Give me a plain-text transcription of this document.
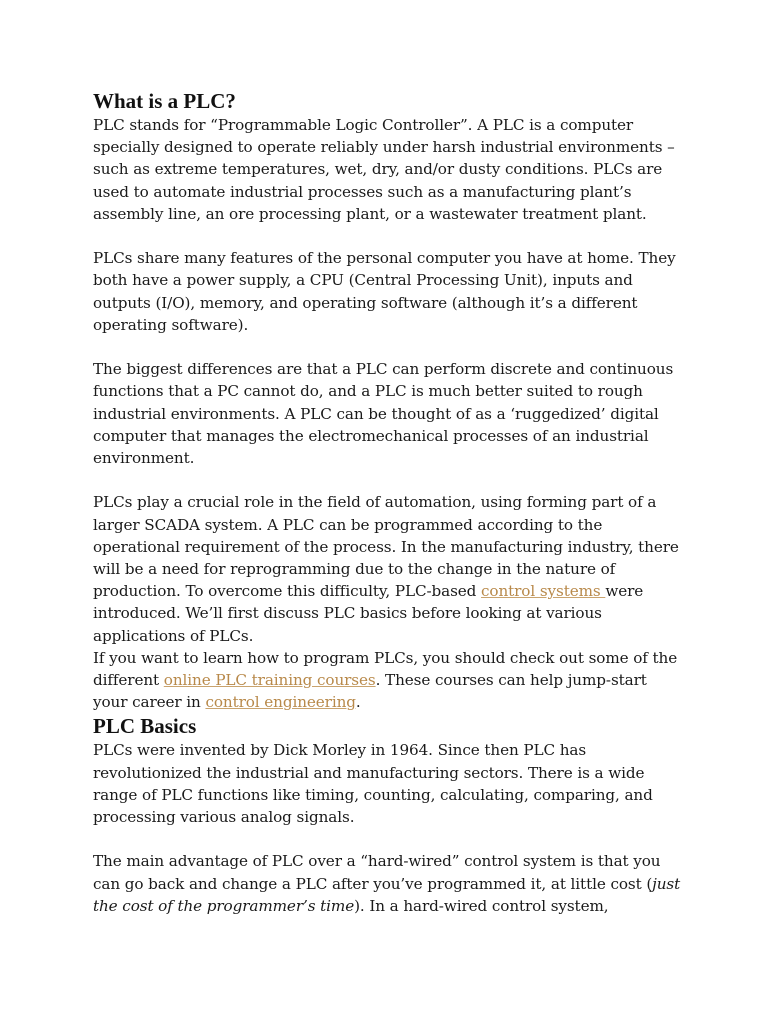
What is a PLC?

PLC stands for “Programmable Logic Controller”. A PLC is a computer specially designed to operate reliably under harsh industrial environments – such as extreme temperatures, wet, dry, and/or dusty conditions. PLCs are used to automate industrial processes such as a manufacturing plant’s assembly line, an ore processing plant, or a wastewater treatment plant.

PLCs share many features of the personal computer you have at home. They both have a power supply, a CPU (Central Processing Unit), inputs and outputs (I/O), memory, and operating software (although it’s a different operating software).

The biggest differences are that a PLC can perform discrete and continuous functions that a PC cannot do, and a PLC is much better suited to rough industrial environments. A PLC can be thought of as a ‘ruggedized’ digital computer that manages the electromechanical processes of an industrial environment.

PLCs play a crucial role in the field of automation, using forming part of a larger SCADA system. A PLC can be programmed according to the operational requirement of the process. In the manufacturing industry, there will be a need for reprogramming due to the change in the nature of production. To overcome this difficulty, PLC-based control systems were introduced. We’ll first discuss PLC basics before looking at various applications of PLCs.

If you want to learn how to program PLCs, you should check out some of the different online PLC training courses. These courses can help jump-start your career in control engineering.

PLC Basics

PLCs were invented by Dick Morley in 1964. Since then PLC has revolutionized the industrial and manufacturing sectors. There is a wide range of PLC functions like timing, counting, calculating, comparing, and processing various analog signals.

The main advantage of PLC over a “hard-wired” control system is that you can go back and change a PLC after you’ve programmed it, at little cost (just the cost of the programmer’s time). In a hard-wired control system,
